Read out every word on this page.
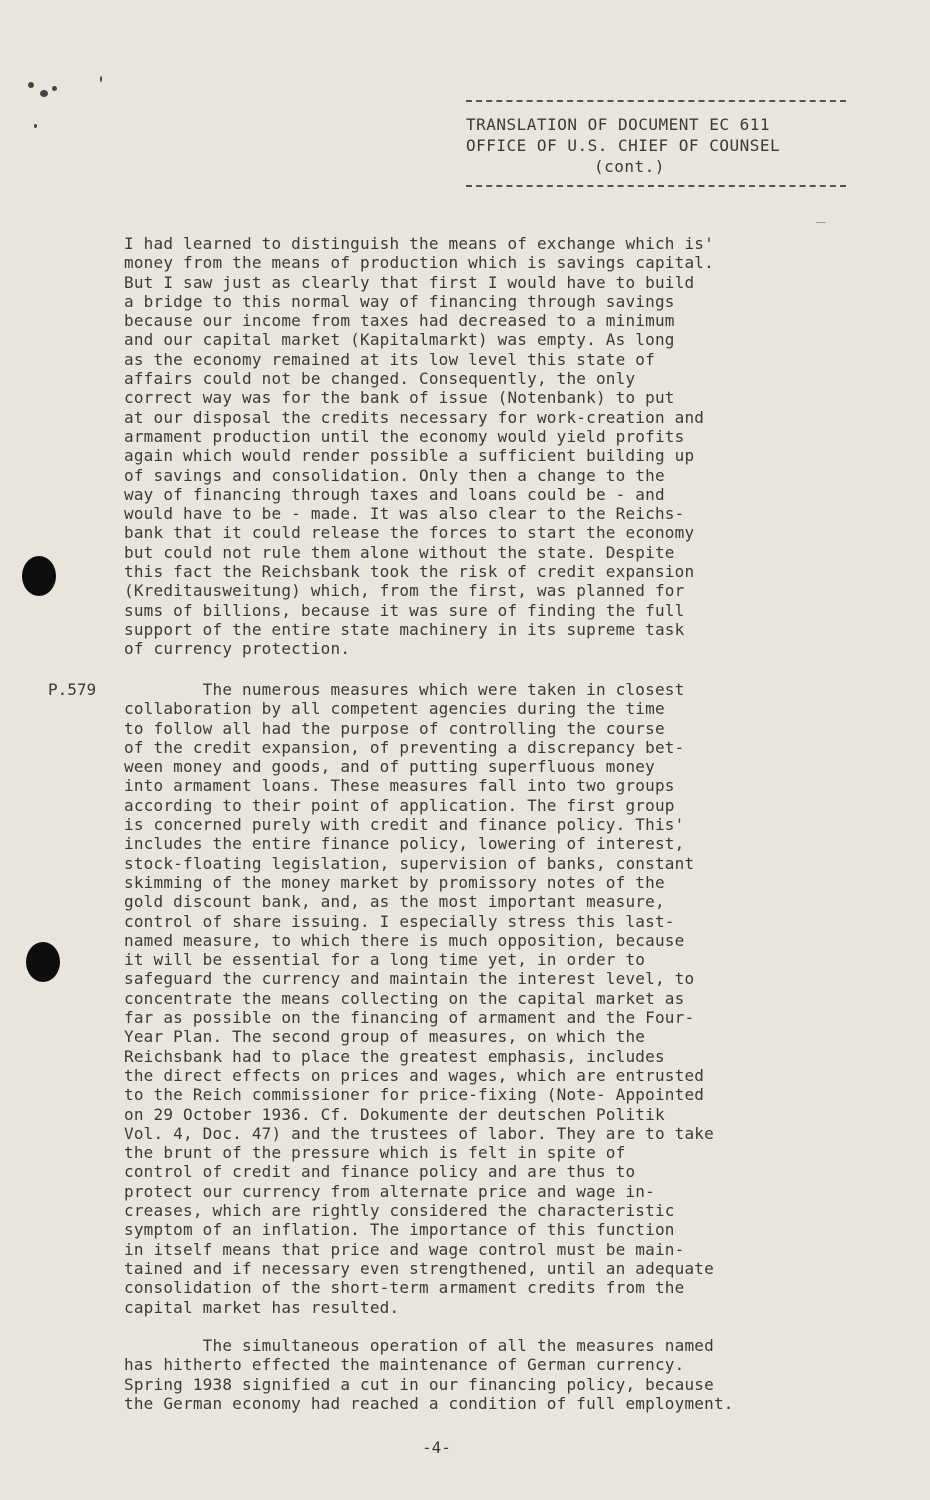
TRANSLATION OF DOCUMENT EC 611
OFFICE OF U.S. CHIEF OF COUNSEL
(cont.)
I had learned to distinguish the means of exchange which is'
money from the means of production which is savings capital.
But I saw just as clearly that first I would have to build
a bridge to this normal way of financing through savings
because our income from taxes had decreased to a minimum
and our capital market (Kapitalmarkt) was empty. As long
as the economy remained at its low level this state of
affairs could not be changed. Consequently, the only
correct way was for the bank of issue (Notenbank) to put
at our disposal the credits necessary for work-creation and
armament production until the economy would yield profits
again which would render possible a sufficient building up
of savings and consolidation. Only then a change to the
way of financing through taxes and loans could be - and
would have to be - made. It was also clear to the Reichs-
bank that it could release the forces to start the economy
but could not rule them alone without the state. Despite
this fact the Reichsbank took the risk of credit expansion
(Kreditausweitung) which, from the first, was planned for
sums of billions, because it was sure of finding the full
support of the entire state machinery in its supreme task
of currency protection.
P.579 The numerous measures which were taken in closest
collaboration by all competent agencies during the time
to follow all had the purpose of controlling the course
of the credit expansion, of preventing a discrepancy bet-
ween money and goods, and of putting superfluous money
into armament loans. These measures fall into two groups
according to their point of application. The first group
is concerned purely with credit and finance policy. This'
includes the entire finance policy, lowering of interest,
stock-floating legislation, supervision of banks, constant
skimming of the money market by promissory notes of the
gold discount bank, and, as the most important measure,
control of share issuing. I especially stress this last-
named measure, to which there is much opposition, because
it will be essential for a long time yet, in order to
safeguard the currency and maintain the interest level, to
concentrate the means collecting on the capital market as
far as possible on the financing of armament and the Four-
Year Plan. The second group of measures, on which the
Reichsbank had to place the greatest emphasis, includes
the direct effects on prices and wages, which are entrusted
to the Reich commissioner for price-fixing (Note- Appointed
on 29 October 1936. Cf. Dokumente der deutschen Politik
Vol. 4, Doc. 47) and the trustees of labor. They are to take
the brunt of the pressure which is felt in spite of
control of credit and finance policy and are thus to
protect our currency from alternate price and wage in-
creases, which are rightly considered the characteristic
symptom of an inflation. The importance of this function
in itself means that price and wage control must be main-
tained and if necessary even strengthened, until an adequate
consolidation of the short-term armament credits from the
capital market has resulted.
The simultaneous operation of all the measures named
has hitherto effected the maintenance of German currency.
Spring 1938 signified a cut in our financing policy, because
the German economy had reached a condition of full employment.
-4-
